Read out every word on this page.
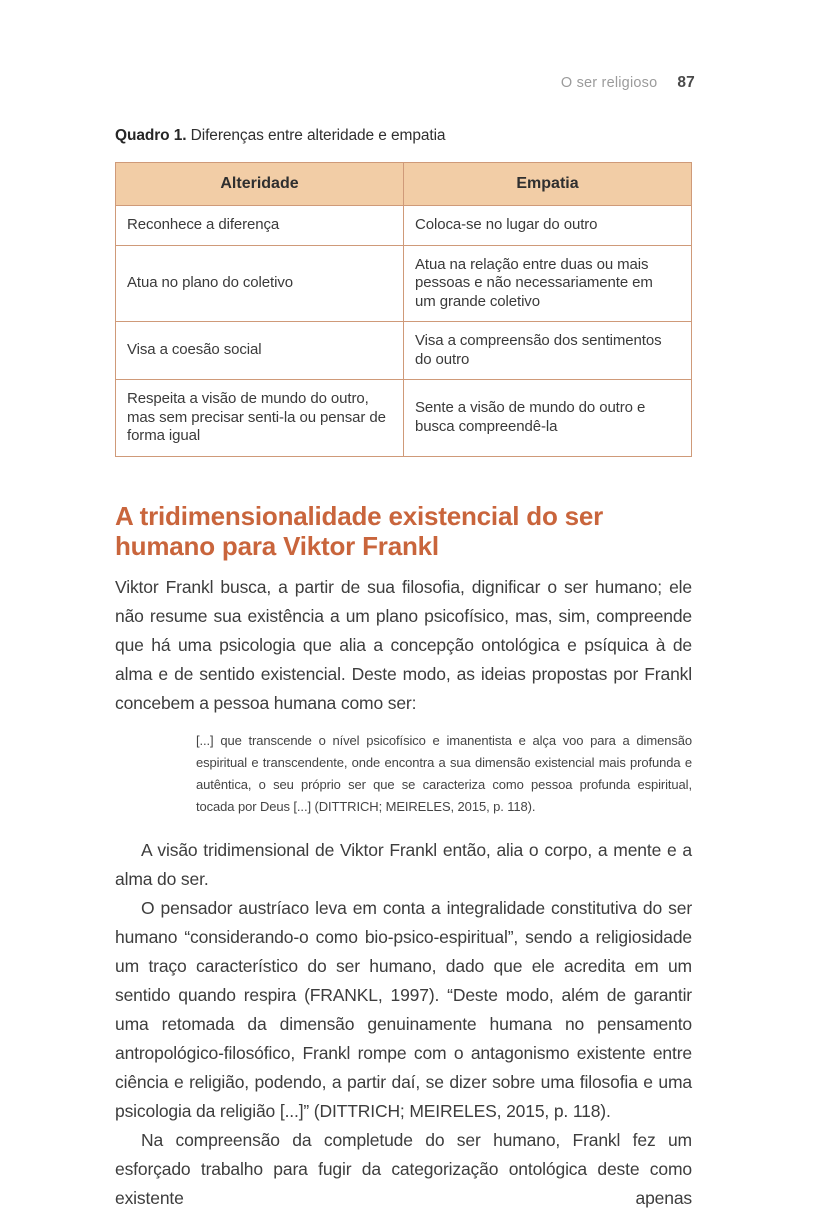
O ser religioso 87

Quadro 1. Diferenças entre alteridade e empatia

Alteridade	Empatia
Reconhece a diferença	Coloca-se no lugar do outro
Atua no plano do coletivo	Atua na relação entre duas ou mais pessoas e não necessariamente em um grande coletivo
Visa a coesão social	Visa a compreensão dos sentimentos do outro
Respeita a visão de mundo do outro, mas sem precisar senti-la ou pensar de forma igual	Sente a visão de mundo do outro e busca compreendê-la
A tridimensionalidade existencial do ser humano para Viktor Frankl

Viktor Frankl busca, a partir de sua filosofia, dignificar o ser humano; ele não resume sua existência a um plano psicofísico, mas, sim, compreende que há uma psicologia que alia a concepção ontológica e psíquica à de alma e de sentido existencial. Deste modo, as ideias propostas por Frankl concebem a pessoa humana como ser:

[...] que transcende o nível psicofísico e imanentista e alça voo para a dimensão espiritual e transcendente, onde encontra a sua dimensão existencial mais profunda e autêntica, o seu próprio ser que se caracteriza como pessoa profunda espiritual, tocada por Deus [...] (DITTRICH; MEIRELES, 2015, p. 118).

A visão tridimensional de Viktor Frankl então, alia o corpo, a mente e a alma do ser.

O pensador austríaco leva em conta a integralidade constitutiva do ser humano “considerando-o como bio-psico-espiritual”, sendo a religiosidade um traço característico do ser humano, dado que ele acredita em um sentido quando respira (FRANKL, 1997). “Deste modo, além de garantir uma retomada da dimensão genuinamente humana no pensamento antropológico-filosófico, Frankl rompe com o antagonismo existente entre ciência e religião, podendo, a partir daí, se dizer sobre uma filosofia e uma psicologia da religião [...]” (DITTRICH; MEIRELES, 2015, p. 118).

Na compreensão da completude do ser humano, Frankl fez um esforçado trabalho para fugir da categorização ontológica deste como existente apenas
